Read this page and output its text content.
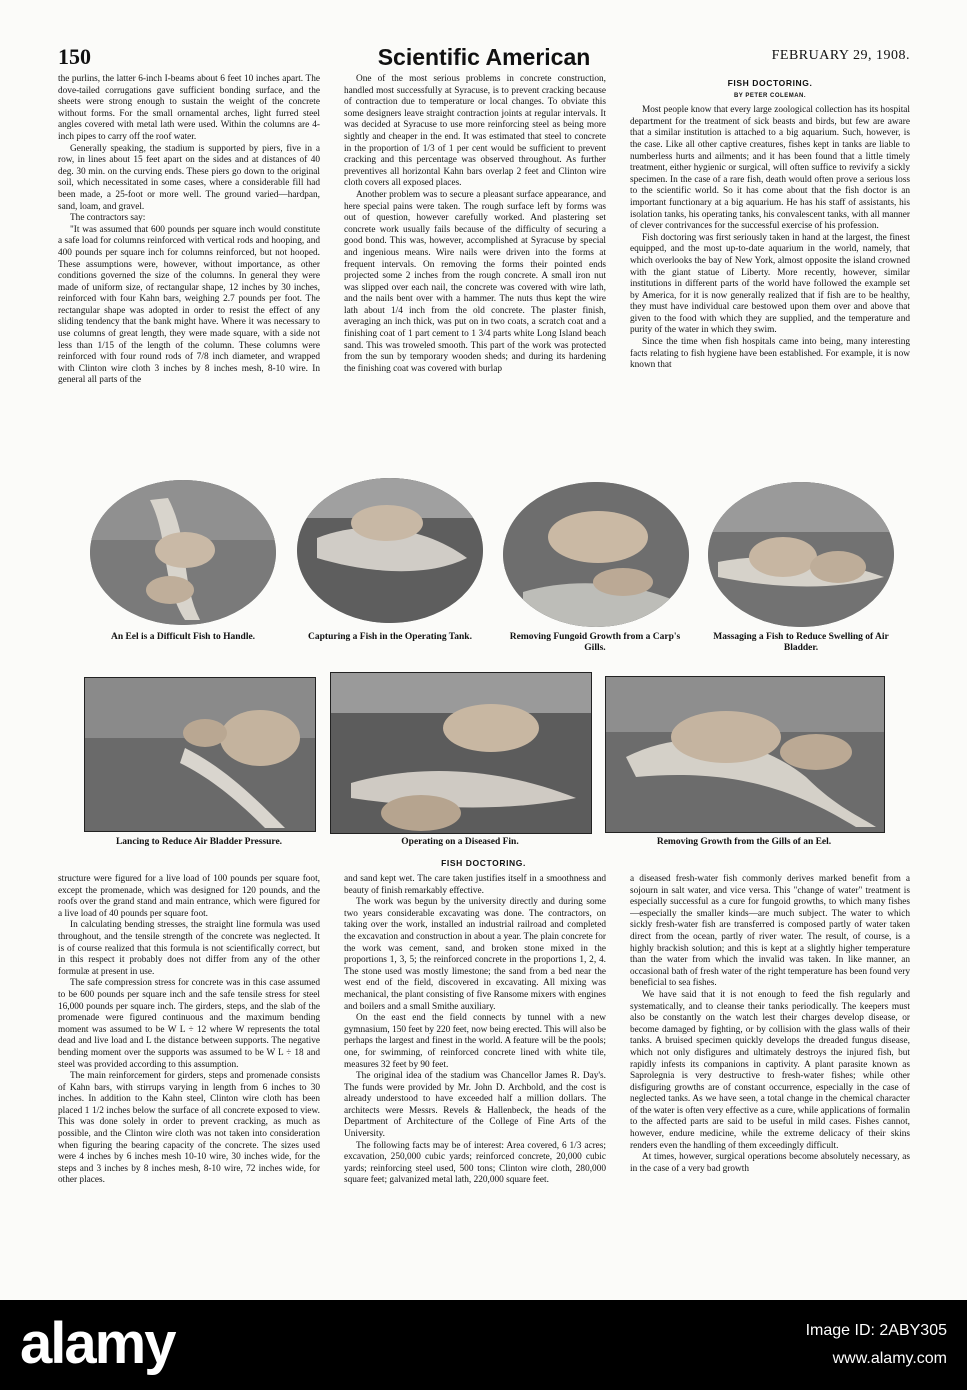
150	Scientific American	FEBRUARY 29, 1908.

the purlins, the latter 6-inch I-beams about 6 feet 10 inches apart. The dove-tailed corrugations gave sufficient bonding surface, and the sheets were strong enough to sustain the weight of the concrete without forms. For the small ornamental arches, light furred steel angles covered with metal lath were used. Within the columns are 4-inch pipes to carry off the roof water.

Generally speaking, the stadium is supported by piers, five in a row, in lines about 15 feet apart on the sides and at distances of 40 deg. 30 min. on the curving ends. These piers go down to the original soil, which necessitated in some cases, where a considerable fill had been made, a 25-foot or more well. The ground varied—hardpan, sand, loam, and gravel.

The contractors say:

"It was assumed that 600 pounds per square inch would constitute a safe load for columns reinforced with vertical rods and hooping, and 400 pounds per square inch for columns reinforced, but not hooped. These assumptions were, however, without importance, as other conditions governed the size of the columns. In general they were made of uniform size, of rectangular shape, 12 inches by 30 inches, reinforced with four Kahn bars, weighing 2.7 pounds per foot. The rectangular shape was adopted in order to resist the effect of any sliding tendency that the bank might have. Where it was necessary to use columns of great length, they were made square, with a side not less than 1/15 of the length of the column. These columns were reinforced with four round rods of 7/8 inch diameter, and wrapped with Clinton wire cloth 3 inches by 8 inches mesh, 8-10 wire. In general all parts of the

One of the most serious problems in concrete construction, handled most successfully at Syracuse, is to prevent cracking because of contraction due to temperature or local changes. To obviate this some designers leave straight contraction joints at regular intervals. It was decided at Syracuse to use more reinforcing steel as being more sightly and cheaper in the end. It was estimated that steel to concrete in the proportion of 1/3 of 1 per cent would be sufficient to prevent cracking and this percentage was observed throughout. As further preventives all horizontal Kahn bars overlap 2 feet and Clinton wire cloth covers all exposed places.

Another problem was to secure a pleasant surface appearance, and here special pains were taken. The rough surface left by forms was out of question, however carefully worked. And plastering set concrete work usually fails because of the difficulty of securing a good bond. This was, however, accomplished at Syracuse by special and ingenious means. Wire nails were driven into the forms at frequent intervals. On removing the forms their pointed ends projected some 2 inches from the rough concrete. A small iron nut was slipped over each nail, the concrete was covered with wire lath, and the nails bent over with a hammer. The nuts thus kept the wire lath about 1/4 inch from the old concrete. The plaster finish, averaging an inch thick, was put on in two coats, a scratch coat and a finishing coat of 1 part cement to 1 3/4 parts white Long Island beach sand. This was troweled smooth. This part of the work was protected from the sun by temporary wooden sheds; and during its hardening the finishing coat was covered with burlap

FISH DOCTORING.
BY PETER COLEMAN.

Most people know that every large zoological collection has its hospital department for the treatment of sick beasts and birds, but few are aware that a similar institution is attached to a big aquarium. Such, however, is the case. Like all other captive creatures, fishes kept in tanks are liable to numberless hurts and ailments; and it has been found that a little timely treatment, either hygienic or surgical, will often suffice to revivify a sickly specimen. In the case of a rare fish, death would often prove a serious loss to the scientific world. So it has come about that the fish doctor is an important functionary at a big aquarium. He has his staff of assistants, his isolation tanks, his operating tanks, his convalescent tanks, with all manner of clever contrivances for the successful exercise of his profession.

Fish doctoring was first seriously taken in hand at the largest, the finest equipped, and the most up-to-date aquarium in the world, namely, that which overlooks the bay of New York, almost opposite the island crowned with the giant statue of Liberty. More recently, however, similar institutions in different parts of the world have followed the example set by America, for it is now generally realized that if fish are to be healthy, they must have individual care bestowed upon them over and above that given to the food with which they are supplied, and the temperature and purity of the water in which they swim.

Since the time when fish hospitals came into being, many interesting facts relating to fish hygiene have been established. For example, it is now known that

An Eel is a Difficult Fish to Handle.	Capturing a Fish in the Operating Tank.	Removing Fungoid Growth from a Carp's Gills.
Massaging a Fish to Reduce Swelling of Air Bladder.
Lancing to Reduce Air Bladder Pressure.	Operating on a Diseased Fin.	Removing Growth from the Gills of an Eel.
FISH DOCTORING.

structure were figured for a live load of 100 pounds per square foot, except the promenade, which was designed for 120 pounds, and the roofs over the grand stand and main entrance, which were figured for a live load of 40 pounds per square foot.

In calculating bending stresses, the straight line formula was used throughout, and the tensile strength of the concrete was neglected. It is of course realized that this formula is not scientifically correct, but in this respect it probably does not differ from any of the other formulæ at present in use.

The safe compression stress for concrete was in this case assumed to be 600 pounds per square inch and the safe tensile stress for steel 16,000 pounds per square inch. The girders, steps, and the slab of the promenade were figured continuous and the maximum bending moment was assumed to be W L ÷ 12 where W represents the total dead and live load and L the distance between supports. The negative bending moment over the supports was assumed to be W L ÷ 18 and steel was provided according to this assumption.

The main reinforcement for girders, steps and promenade consists of Kahn bars, with stirrups varying in length from 6 inches to 30 inches. In addition to the Kahn steel, Clinton wire cloth has been placed 1 1/2 inches below the surface of all concrete exposed to view. This was done solely in order to prevent cracking, as much as possible, and the Clinton wire cloth was not taken into consideration when figuring the bearing capacity of the concrete. The sizes used were 4 inches by 6 inches mesh 10-10 wire, 30 inches wide, for the steps and 3 inches by 8 inches mesh, 8-10 wire, 72 inches wide, for other places.

and sand kept wet. The care taken justifies itself in a smoothness and beauty of finish remarkably effective.

The work was begun by the university directly and during some two years considerable excavating was done. The contractors, on taking over the work, installed an industrial railroad and completed the excavation and construction in about a year. The plain concrete for the work was cement, sand, and broken stone mixed in the proportions 1, 3, 5; the reinforced concrete in the proportions 1, 2, 4. The stone used was mostly limestone; the sand from a bed near the west end of the field, discovered in excavating. All mixing was mechanical, the plant consisting of five Ransome mixers with engines and boilers and a small Smithe auxiliary.

On the east end the field connects by tunnel with a new gymnasium, 150 feet by 220 feet, now being erected. This will also be perhaps the largest and finest in the world. A feature will be the pools; one, for swimming, of reinforced concrete lined with white tile, measures 32 feet by 90 feet.

The original idea of the stadium was Chancellor James R. Day's. The funds were provided by Mr. John D. Archbold, and the cost is already understood to have exceeded half a million dollars. The architects were Messrs. Revels & Hallenbeck, the heads of the Department of Architecture of the College of Fine Arts of the University.

The following facts may be of interest: Area covered, 6 1/3 acres; excavation, 250,000 cubic yards; reinforced concrete, 20,000 cubic yards; reinforcing steel used, 500 tons; Clinton wire cloth, 280,000 square feet; galvanized metal lath, 220,000 square feet.

a diseased fresh-water fish commonly derives marked benefit from a sojourn in salt water, and vice versa. This "change of water" treatment is especially successful as a cure for fungoid growths, to which many fishes—especially the smaller kinds—are much subject. The water to which sickly fresh-water fish are transferred is composed partly of water taken direct from the ocean, partly of river water. The result, of course, is a highly brackish solution; and this is kept at a slightly higher temperature than the water from which the invalid was taken. In like manner, an occasional bath of fresh water of the right temperature has been found very beneficial to sea fishes.

We have said that it is not enough to feed the fish regularly and systematically, and to cleanse their tanks periodically. The keepers must also be constantly on the watch lest their charges develop disease, or become damaged by fighting, or by collision with the glass walls of their tanks. A bruised specimen quickly develops the dreaded fungus disease, which not only disfigures and ultimately destroys the injured fish, but rapidly infests its companions in captivity. A plant parasite known as Saprolegnia is very destructive to fresh-water fishes; while other disfiguring growths are of constant occurrence, especially in the case of neglected tanks. As we have seen, a total change in the chemical character of the water is often very effective as a cure, while applications of formalin to the affected parts are said to be useful in mild cases. Fishes cannot, however, endure medicine, while the extreme delicacy of their skins renders even the handling of them exceedingly difficult.

At times, however, surgical operations become absolutely necessary, as in the case of a very bad growth

alamy	Image ID: 2ABY305
www.alamy.com
